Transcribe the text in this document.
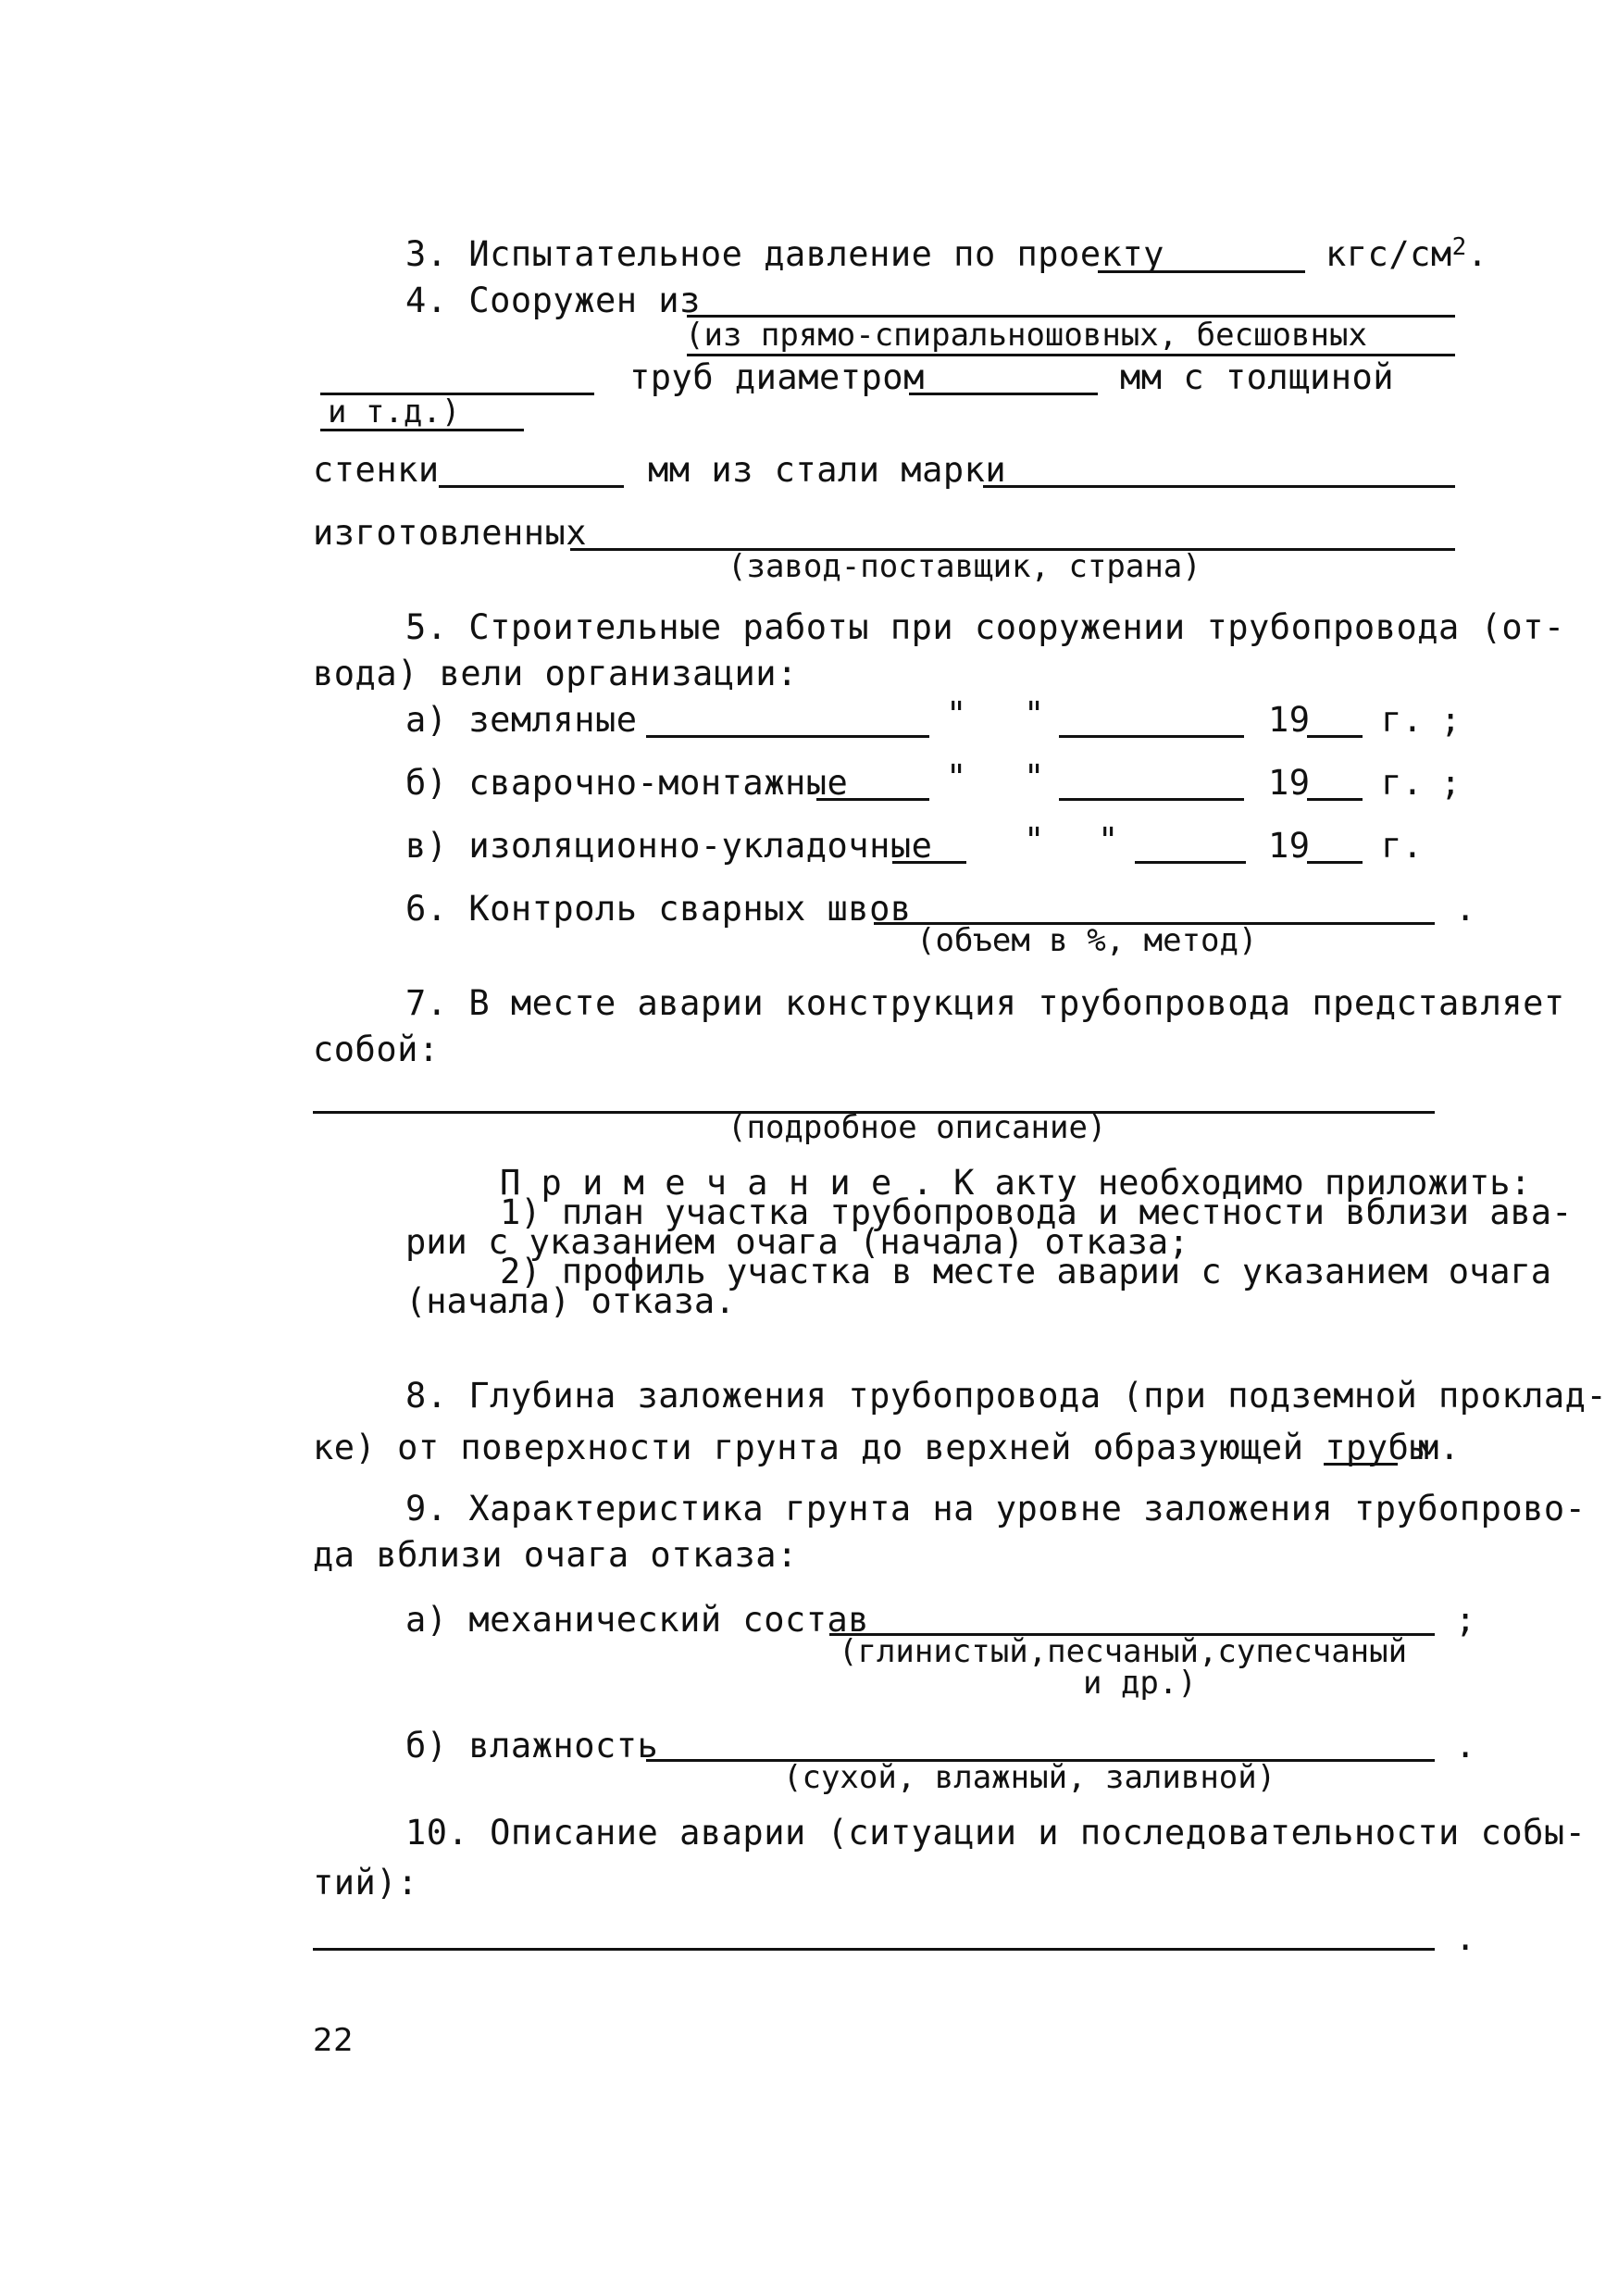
3. Испытательное давление по проекту	кгс/$см^2$.
4. Сооружен из
(из прямо-спиральношовных, бесшовных
труб диаметром	мм с толщиной
и т.д.)
стенки	мм из стали марки
изготовленных
(завод-поставщик, страна)
5. Строительные работы при сооружении трубопровода (от-
вода) вели организации:
а) земляные	" "	19 г. ;
б) сварочно-монтажные	" "	19 г. ;
в) изоляционно-укладочные	" "	19 г.
6. Контроль сварных швов
(объем в %, метод)
.
7. В месте аварии конструкция трубопровода представляет
собой:
(подробное описание)
П р и м е ч а н и е . К акту необходимо приложить:
1) план участка трубопровода и местности вблизи ава-
рии с указанием очага (начала) отказа;
2) профиль участка в месте аварии с указанием очага
(начала) отказа.
8. Глубина заложения трубопровода (при подземной проклад-
ке) от поверхности грунта до верхней образующей трубы
м.
9. Характеристика грунта на уровне заложения трубопрово-
да вблизи очага отказа:
а) механический состав
(глинистый,песчаный,супесчаный
и др.)
;
б) влажность
(сухой, влажный, заливной)
.
10. Описание аварии (ситуации и последовательности собы-
тий):
.
22
